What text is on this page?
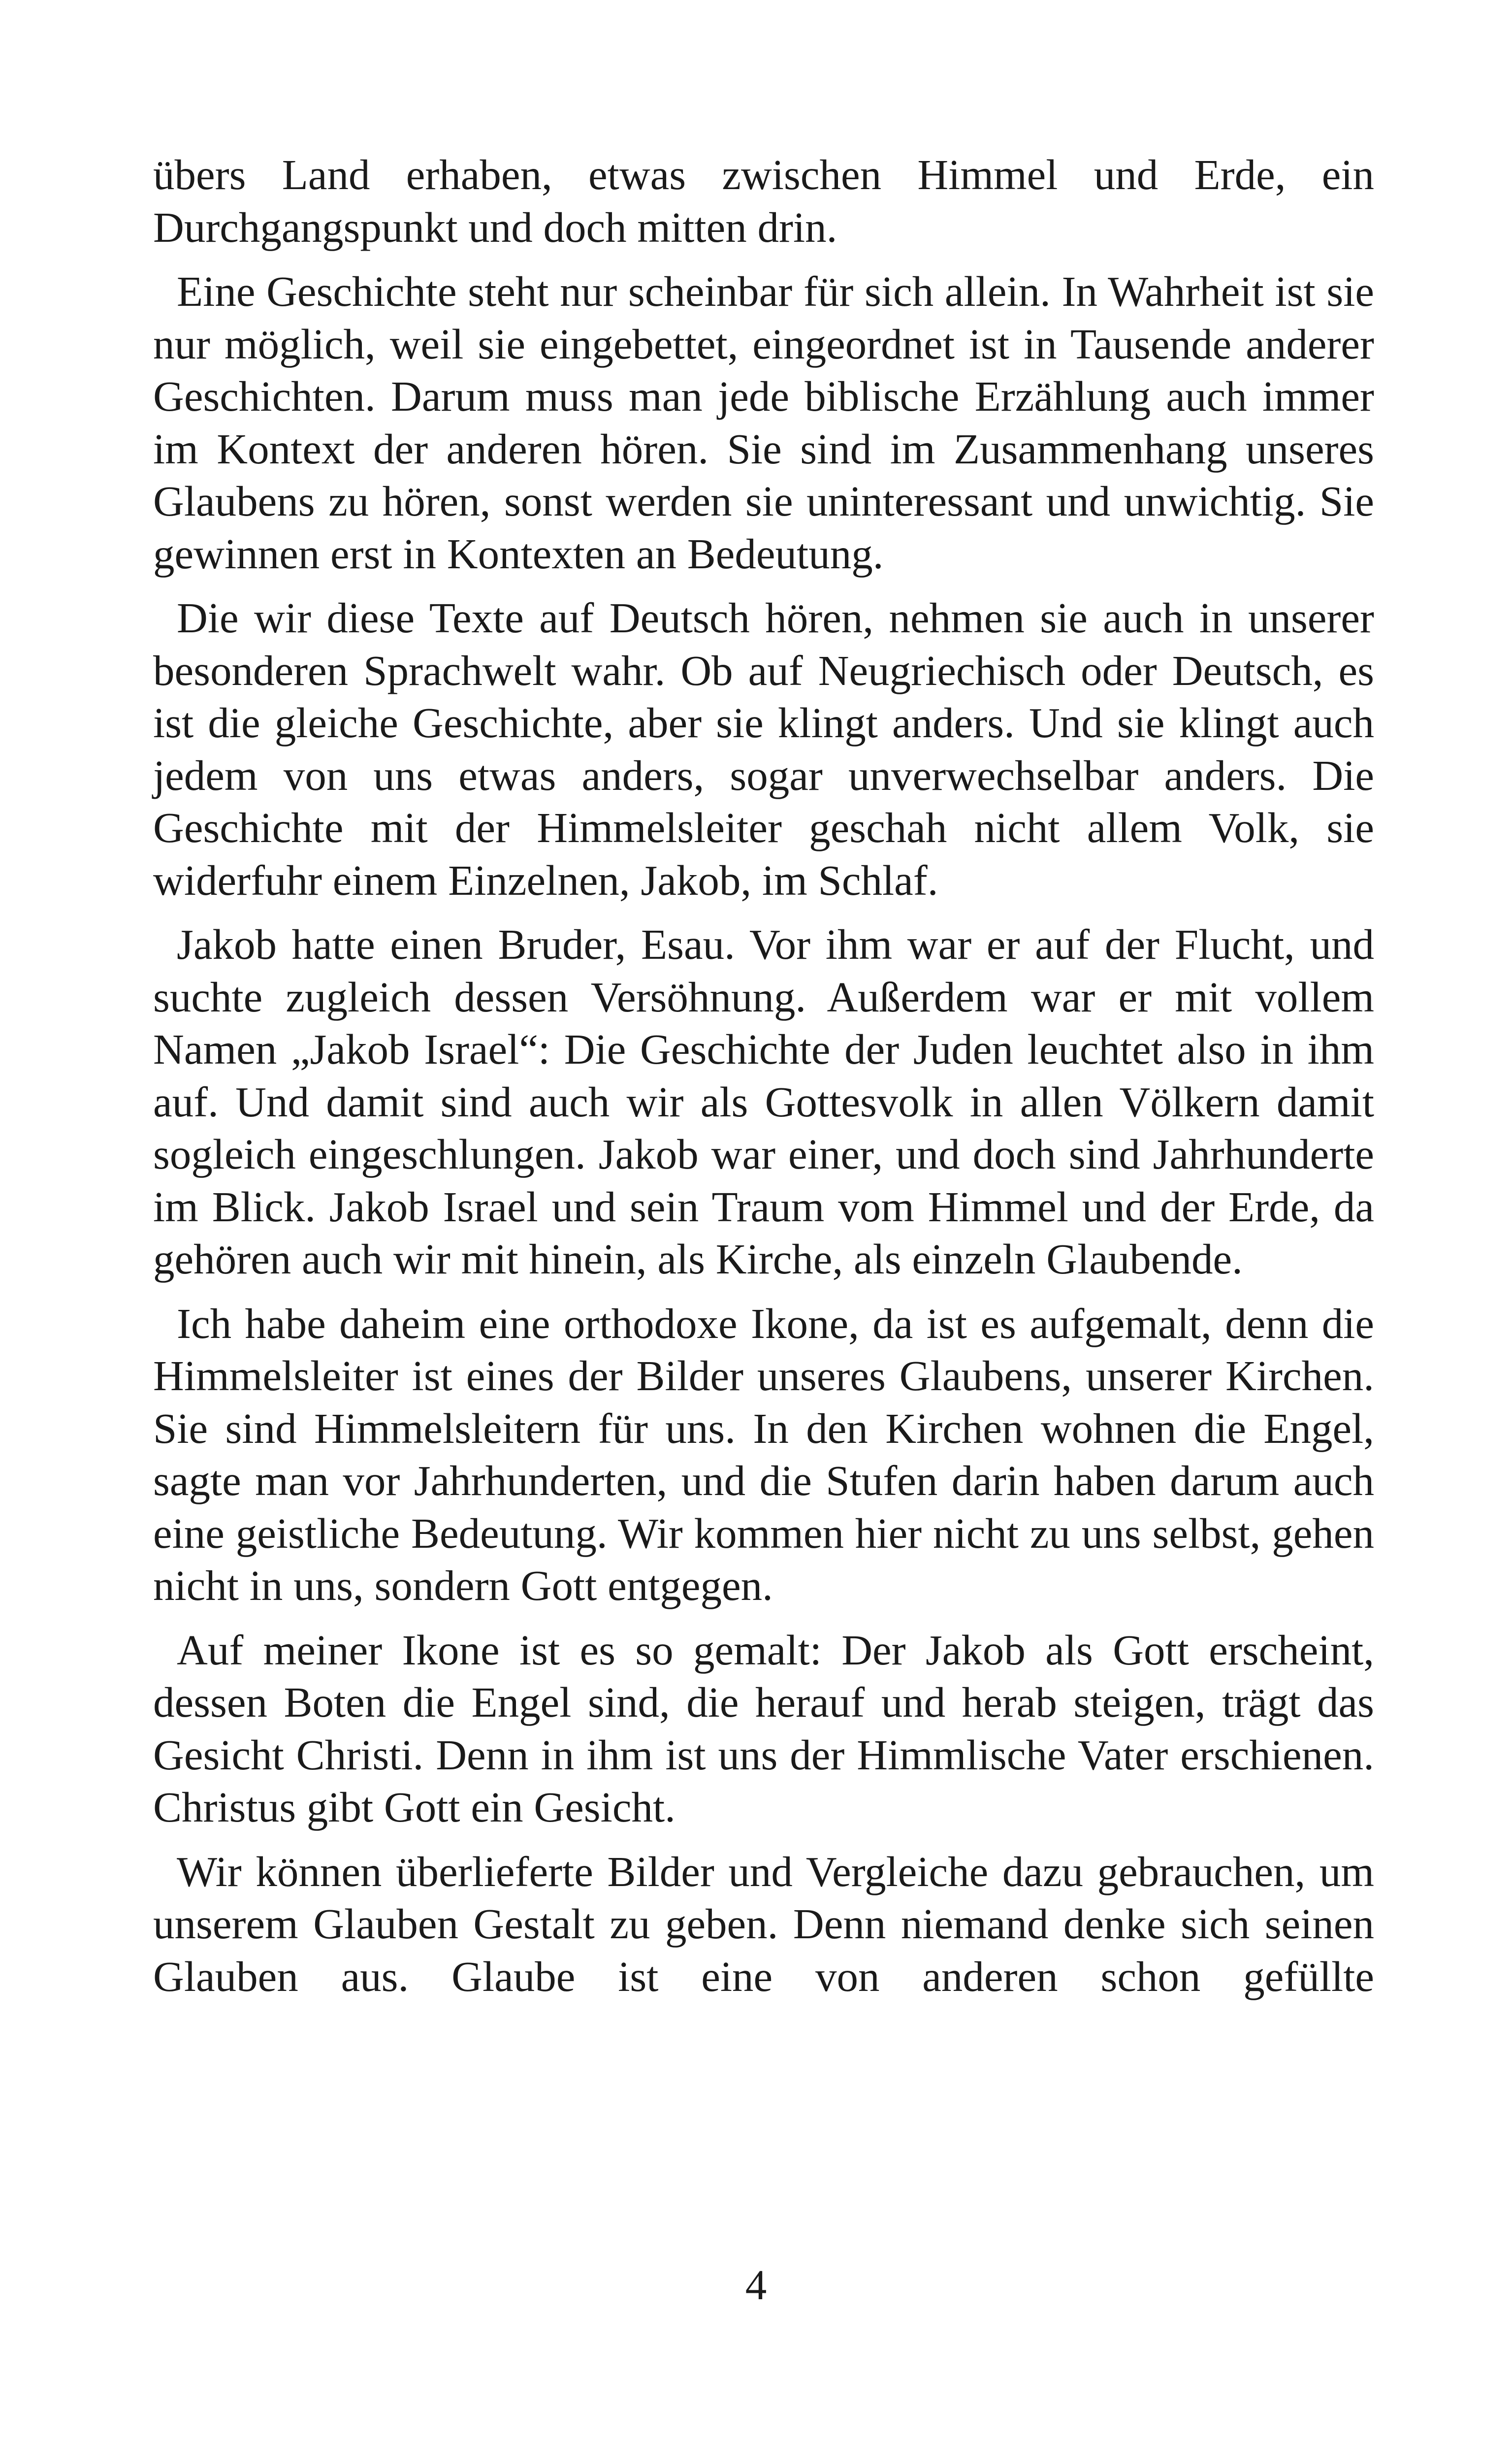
übers Land erhaben, etwas zwischen Himmel und Erde, ein Durchgangspunkt und doch mitten drin.

Eine Geschichte steht nur scheinbar für sich allein. In Wahrheit ist sie nur möglich, weil sie eingebettet, eingeordnet ist in Tausende anderer Geschichten. Darum muss man jede biblische Erzählung auch immer im Kontext der anderen hören. Sie sind im Zusammenhang unseres Glaubens zu hören, sonst werden sie uninteressant und unwichtig. Sie gewinnen erst in Kontexten an Bedeutung.

Die wir diese Texte auf Deutsch hören, nehmen sie auch in unserer besonderen Sprachwelt wahr. Ob auf Neugriechisch oder Deutsch, es ist die gleiche Geschichte, aber sie klingt anders. Und sie klingt auch jedem von uns etwas anders, sogar unverwechselbar anders. Die Geschichte mit der Himmelsleiter geschah nicht allem Volk, sie widerfuhr einem Einzelnen, Jakob, im Schlaf.

Jakob hatte einen Bruder, Esau. Vor ihm war er auf der Flucht, und suchte zugleich dessen Versöhnung. Außerdem war er mit vollem Namen „Jakob Israel“: Die Geschichte der Juden leuchtet also in ihm auf. Und damit sind auch wir als Gottesvolk in allen Völkern damit sogleich eingeschlungen. Jakob war einer, und doch sind Jahrhunderte im Blick. Jakob Israel und sein Traum vom Himmel und der Erde, da gehören auch wir mit hinein, als Kirche, als einzeln Glaubende.

Ich habe daheim eine orthodoxe Ikone, da ist es aufgemalt, denn die Himmelsleiter ist eines der Bilder unseres Glaubens, unserer Kirchen. Sie sind Himmelsleitern für uns. In den Kirchen wohnen die Engel, sagte man vor Jahrhunderten, und die Stufen darin haben darum auch eine geistliche Bedeutung. Wir kommen hier nicht zu uns selbst, gehen nicht in uns, sondern Gott entgegen.

Auf meiner Ikone ist es so gemalt: Der Jakob als Gott erscheint, dessen Boten die Engel sind, die herauf und herab steigen, trägt das Gesicht Christi. Denn in ihm ist uns der Himmlische Vater erschienen. Christus gibt Gott ein Gesicht.

Wir können überlieferte Bilder und Vergleiche dazu gebrauchen, um unserem Glauben Gestalt zu geben. Denn niemand denke sich seinen Glauben aus. Glaube ist eine von anderen schon gefüllte

4
